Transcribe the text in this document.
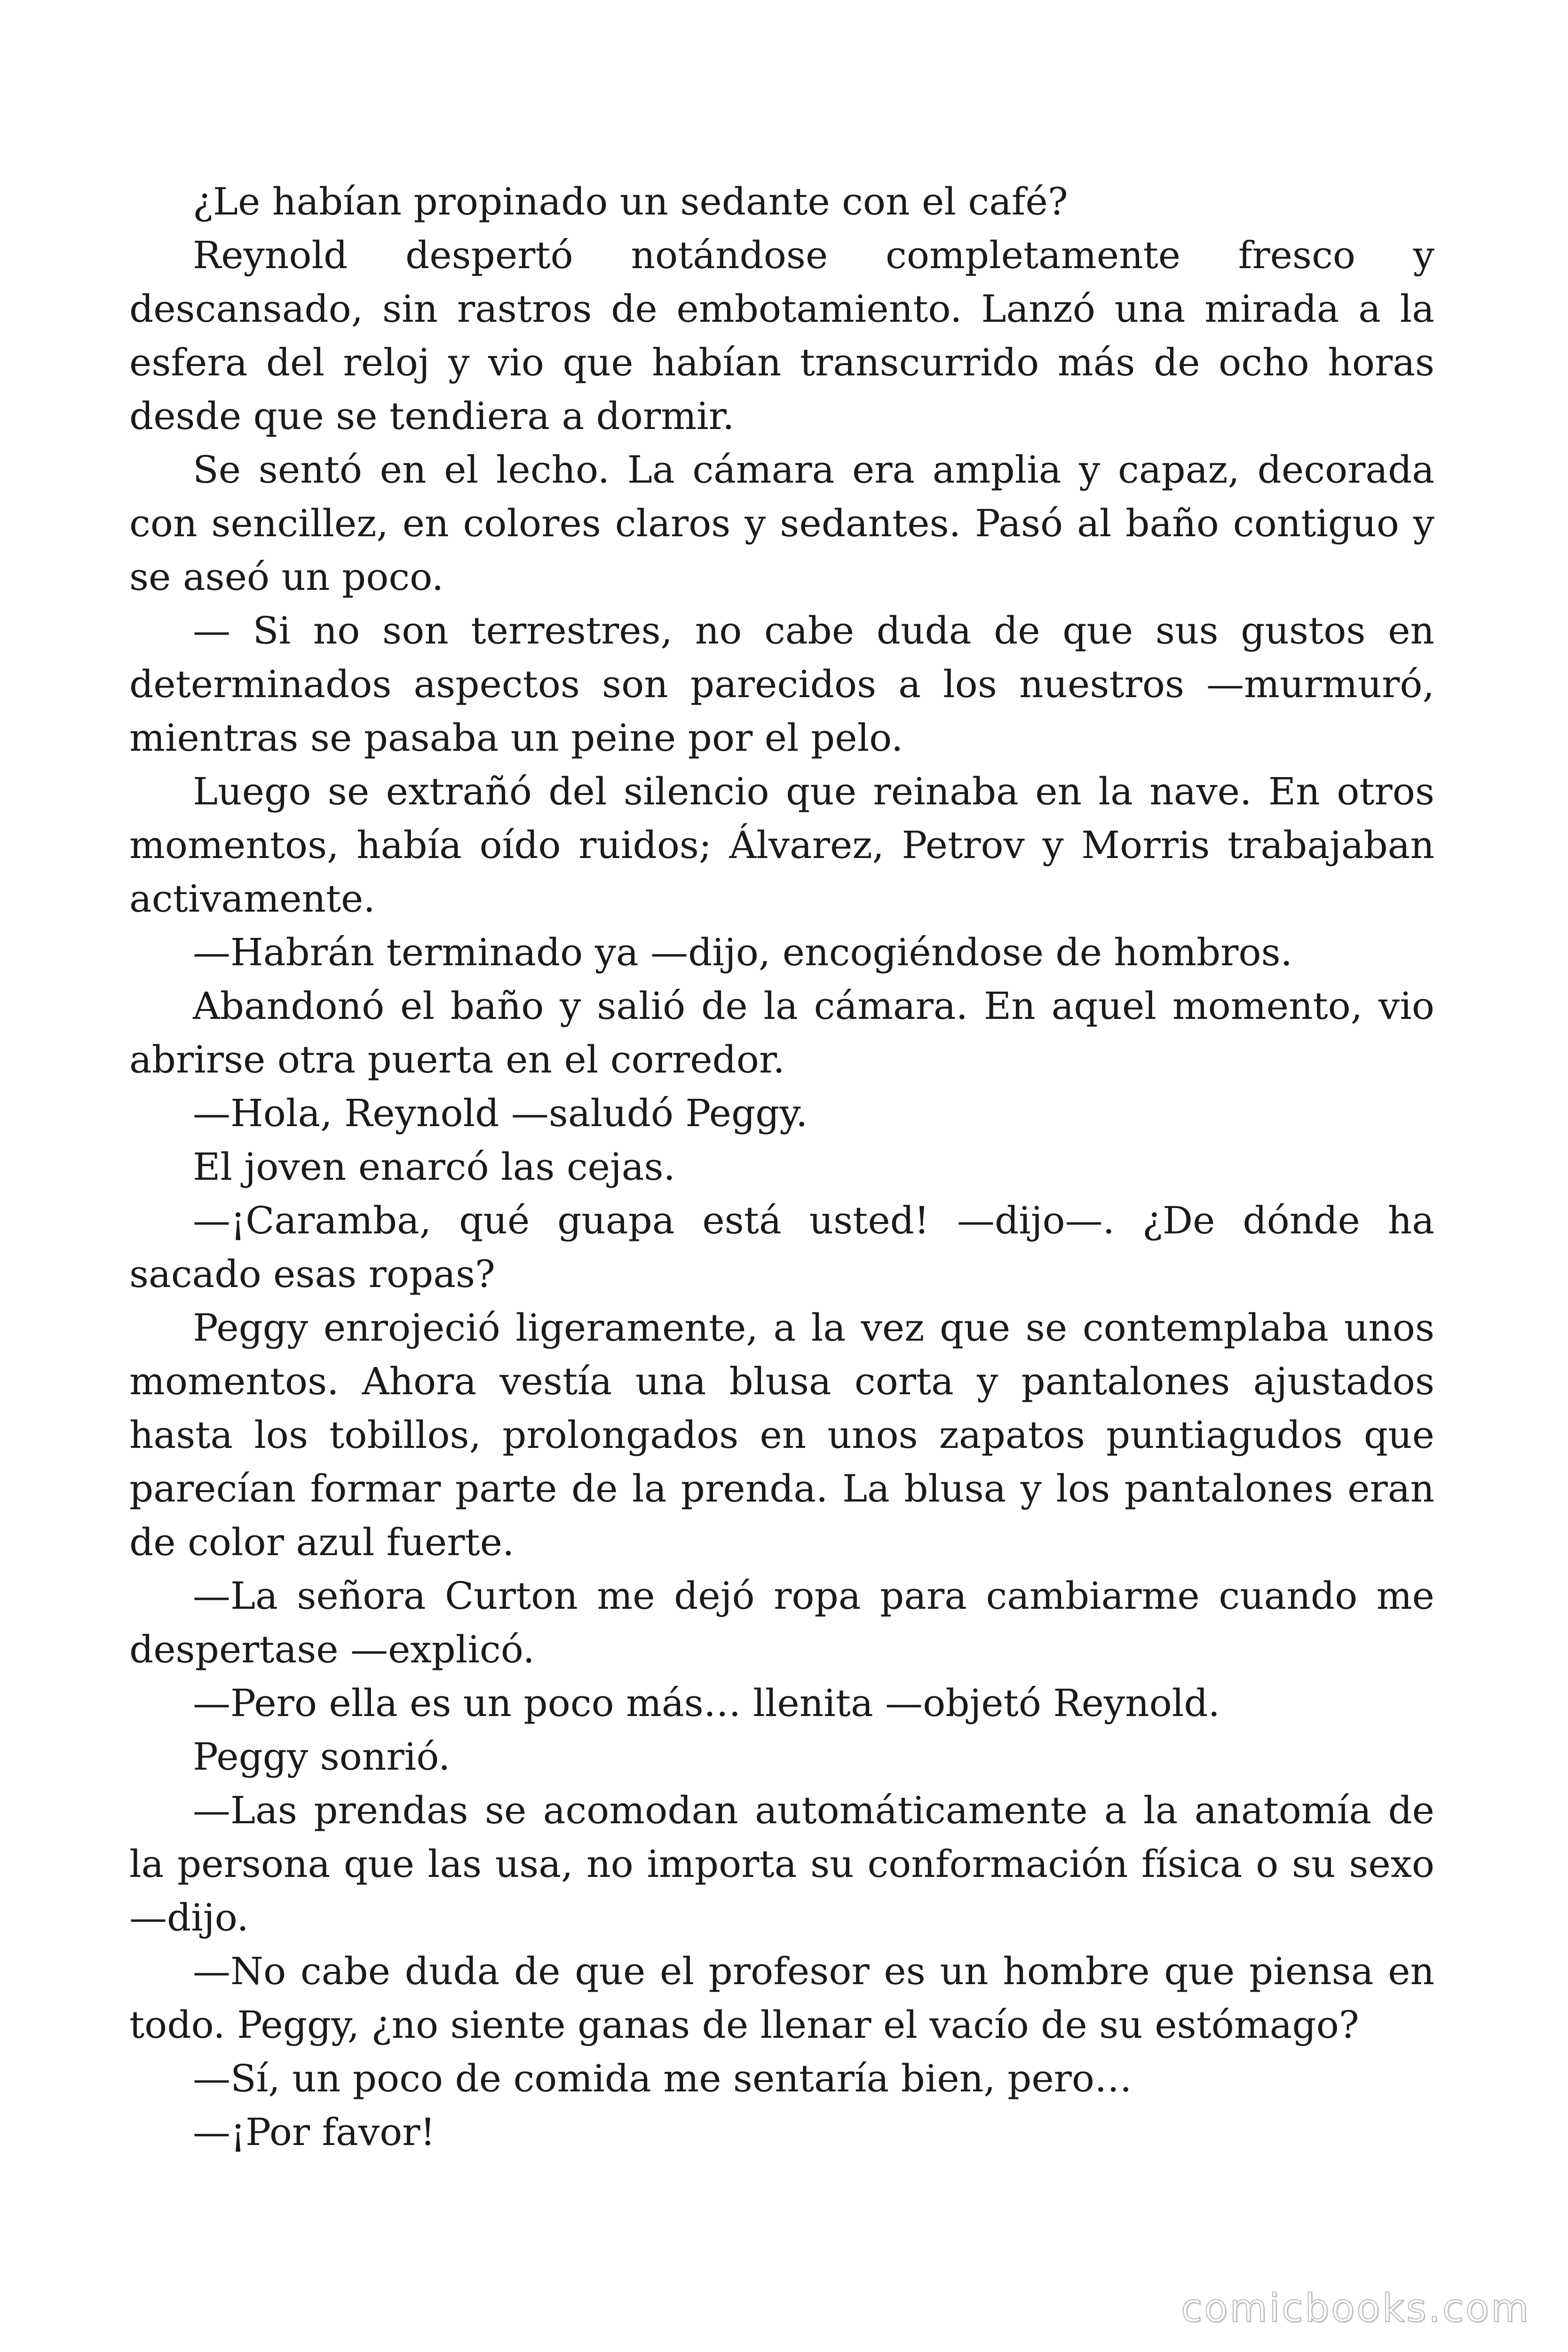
¿Le habían propinado un sedante con el café?

Reynold despertó notándose completamente fresco y descansado, sin rastros de embotamiento. Lanzó una mirada a la esfera del reloj y vio que habían transcurrido más de ocho horas desde que se tendiera a dormir.

Se sentó en el lecho. La cámara era amplia y capaz, decorada con sencillez, en colores claros y sedantes. Pasó al baño contiguo y se aseó un poco.

— Si no son terrestres, no cabe duda de que sus gustos en determinados aspectos son parecidos a los nuestros —murmuró, mientras se pasaba un peine por el pelo.

Luego se extrañó del silencio que reinaba en la nave. En otros momentos, había oído ruidos; Álvarez, Petrov y Morris trabajaban activamente.

—Habrán terminado ya —dijo, encogiéndose de hombros.

Abandonó el baño y salió de la cámara. En aquel momento, vio abrirse otra puerta en el corredor.

—Hola, Reynold —saludó Peggy.

El joven enarcó las cejas.

—¡Caramba, qué guapa está usted! —dijo—. ¿De dónde ha sacado esas ropas?

Peggy enrojeció ligeramente, a la vez que se contemplaba unos momentos. Ahora vestía una blusa corta y pantalones ajustados hasta los tobillos, prolongados en unos zapatos puntiagudos que parecían formar parte de la prenda. La blusa y los pantalones eran de color azul fuerte.

—La señora Curton me dejó ropa para cambiarme cuando me despertase —explicó.

—Pero ella es un poco más… llenita —objetó Reynold.

Peggy sonrió.

—Las prendas se acomodan automáticamente a la anatomía de la persona que las usa, no importa su conformación física o su sexo —dijo.

—No cabe duda de que el profesor es un hombre que piensa en todo. Peggy, ¿no siente ganas de llenar el vacío de su estómago?

—Sí, un poco de comida me sentaría bien, pero…

—¡Por favor!

comicbooks.com
